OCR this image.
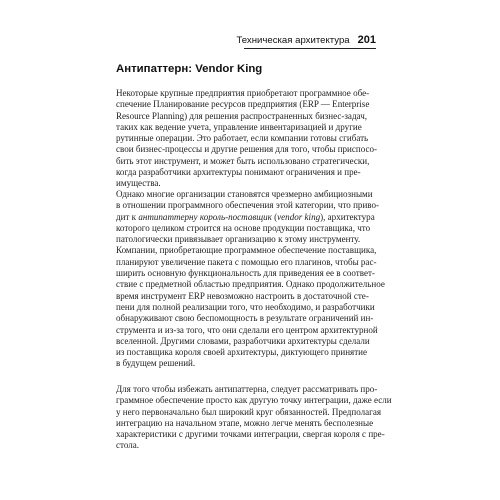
Техническая архитектура 201
Антипаттерн: Vendor King
Некоторые крупные предприятия приобретают программное обе-
спечение Планирование ресурсов предприятия (ERP — Enterprise
Resource Planning) для решения распространенных бизнес-задач,
таких как ведение учета, управление инвентаризацией и другие
рутинные операции. Это работает, если компании готовы сгибать
свои бизнес-процессы и другие решения для того, чтобы приспосо-
бить этот инструмент, и может быть использовано стратегически,
когда разработчики архитектуры понимают ограничения и пре-
имущества.
Однако многие организации становятся чрезмерно амбициозными
в отношении программного обеспечения этой категории, что приво-
дит к антипаттерну король-поставщик (vendor king), архитектура
которого целиком строится на основе продукции поставщика, что
патологически привязывает организацию к этому инструменту.
Компании, приобретающие программное обеспечение поставщика,
планируют увеличение пакета с помощью его плагинов, чтобы рас-
ширить основную функциональность для приведения ее в соответ-
ствие с предметной областью предприятия. Однако продолжительное
время инструмент ERP невозможно настроить в достаточной сте-
пени для полной реализации того, что необходимо, и разработчики
обнаруживают свою беспомощность в результате ограничений ин-
струмента и из-за того, что они сделали его центром архитектурной
вселенной. Другими словами, разработчики архитектуры сделали
из поставщика короля своей архитектуры, диктующего принятие
в будущем решений.
Для того чтобы избежать антипаттерна, следует рассматривать про-
граммное обеспечение просто как другую точку интеграции, даже если
у него первоначально был широкий круг обязанностей. Предполагая
интеграцию на начальном этапе, можно легче менять бесполезные
характеристики с другими точками интеграции, свергая короля с пре-
стола.
